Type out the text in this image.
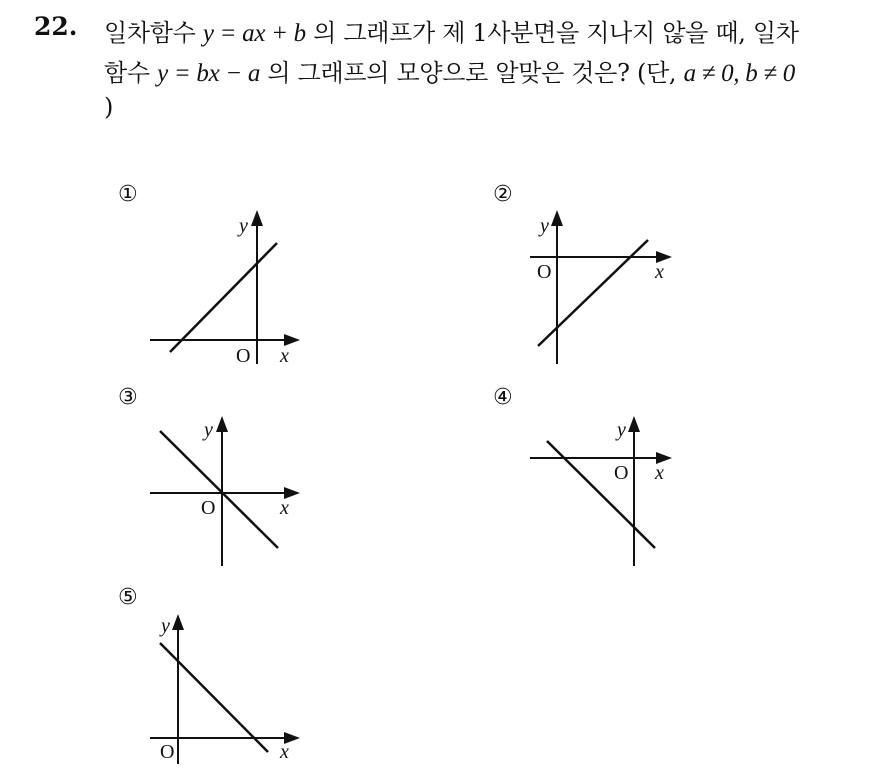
22. 일차함수 y = ax + b 의 그래프가 제 1사분면을 지나지 않을 때, 일차
함수 y = bx − a 의 그래프의 모양으로 알맞은 것은? (단, a ≠ 0, b ≠ 0
)
①
y
x
O
②
y
x
O
③
y
x
O
④
y
x
O
⑤
y
x
O
